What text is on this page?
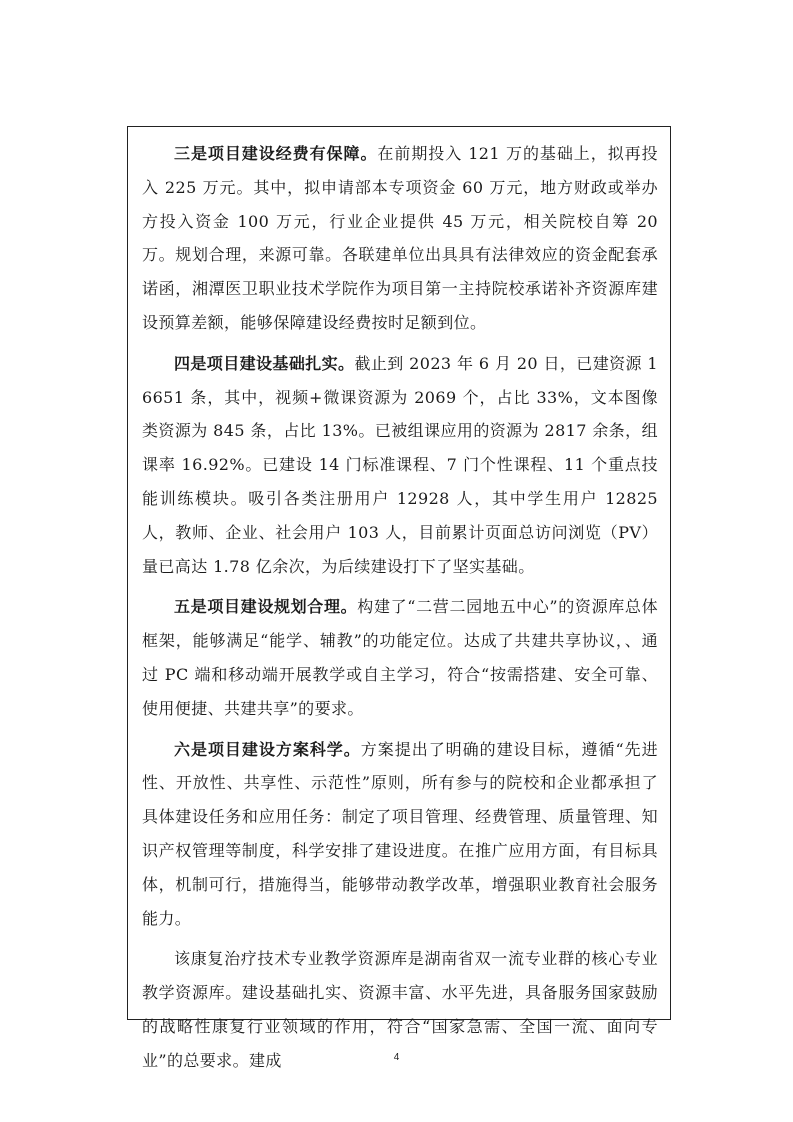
三是项目建设经费有保障。在前期投入 121 万的基础上，拟再投入 225 万元。其中，拟申请部本专项资金 60 万元，地方财政或举办方投入资金 100 万元，行业企业提供 45 万元，相关院校自筹 20 万。规划合理，来源可靠。各联建单位出具具有法律效应的资金配套承诺函，湘潭医卫职业技术学院作为项目第一主持院校承诺补齐资源库建设预算差额，能够保障建设经费按时足额到位。

四是项目建设基础扎实。截止到 2023 年 6 月 20 日，已建资源 16651 条，其中，视频+微课资源为 2069 个，占比 33%，文本图像类资源为 845 条，占比 13%。已被组课应用的资源为 2817 余条，组课率 16.92%。已建设 14 门标准课程、7 门个性课程、11 个重点技能训练模块。吸引各类注册用户 12928 人，其中学生用户 12825 人，教师、企业、社会用户 103 人，目前累计页面总访问浏览（PV）量已高达 1.78 亿余次，为后续建设打下了坚实基础。

五是项目建设规划合理。构建了“二营二园地五中心”的资源库总体框架，能够满足“能学、辅教”的功能定位。达成了共建共享协议，、通过 PC 端和移动端开展教学或自主学习，符合“按需搭建、安全可靠、使用便捷、共建共享”的要求。

六是项目建设方案科学。方案提出了明确的建设目标，遵循“先进性、开放性、共享性、示范性”原则，所有参与的院校和企业都承担了具体建设任务和应用任务：制定了项目管理、经费管理、质量管理、知识产权管理等制度，科学安排了建设进度。在推广应用方面，有目标具体，机制可行，措施得当，能够带动教学改革，增强职业教育社会服务能力。

该康复治疗技术专业教学资源库是湖南省双一流专业群的核心专业教学资源库。建设基础扎实、资源丰富、水平先进，具备服务国家鼓励的战略性康复行业领域的作用，符合“国家急需、全国一流、面向专业”的总要求。建成	4
